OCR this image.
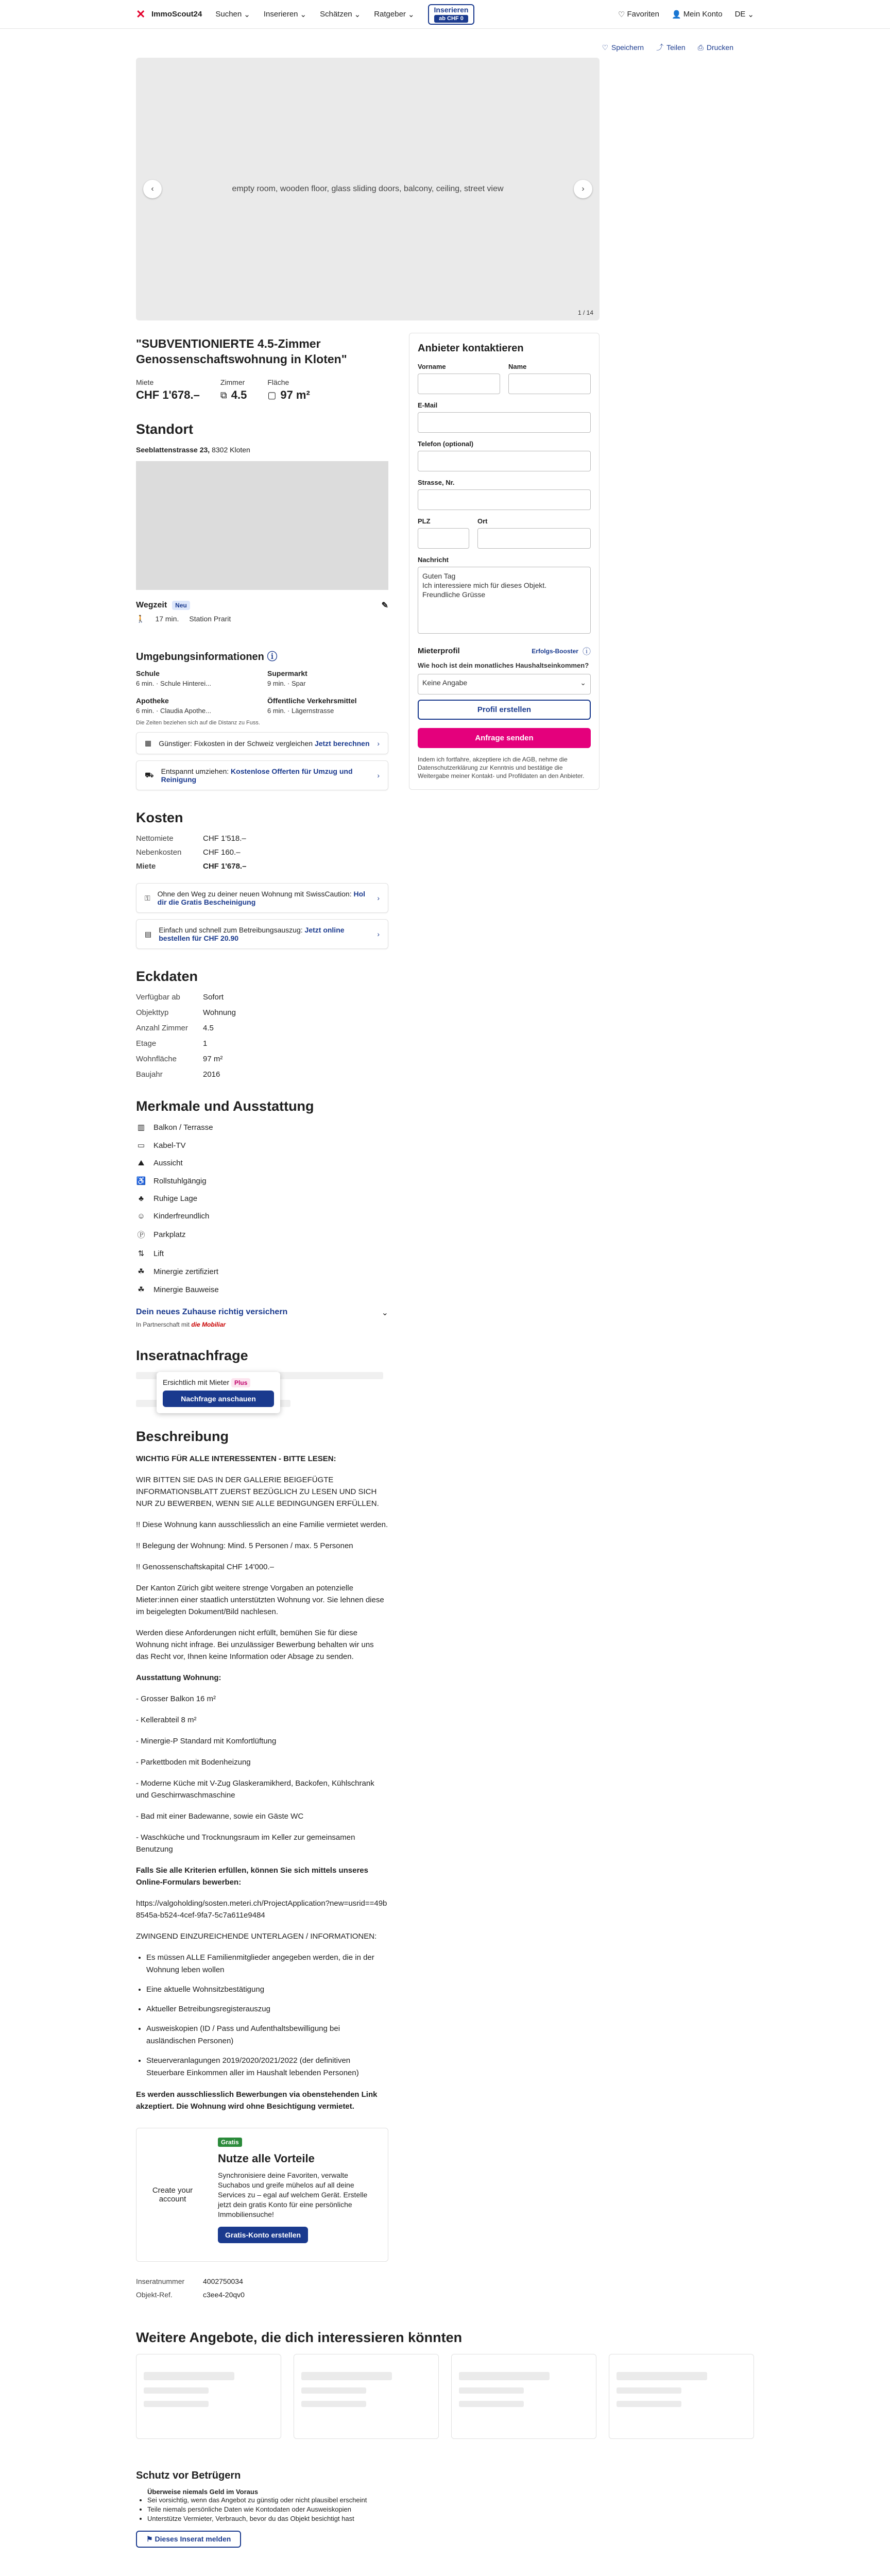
✕ ImmoScout24 Suchen ⌄ Inserieren ⌄ Schätzen ⌄ Ratgeber ⌄
Inserieren
ab CHF 0	♡ Favoriten 👤 Mein Konto DE ⌄
♡ Speichern ⤴ Teilen ⎙ Drucken
empty room, wooden floor, glass sliding doors, balcony, ceiling, street view
‹	›
1 / 14
"SUBVENTIONIERTE 4.5-Zimmer Genossenschaftswohnung in Kloten"
Miete
CHF 1'678.–
Zimmer
⧉ 4.5
Fläche
▢ 97 m²
Standort
Seeblattenstrasse 23, 8302 Kloten
Wegzeit	Neu	✎
🚶 17 min. Station Prarit
Umgebungsinformationen ⓘ
Schule
6 min. · Schule Hinterei...
Supermarkt
9 min. · Spar
Apotheke
6 min. · Claudia Apothe...
Öffentliche Verkehrsmittel
6 min. · Lägernstrasse
Die Zeiten beziehen sich auf die Distanz zu Fuss.
▦ Günstiger: Fixkosten in der Schweiz vergleichen Jetzt berechnen ›
⛟ Entspannt umziehen: Kostenlose Offerten für Umzug und Reinigung	›
Kosten
Nettomiete	CHF 1'518.–
Nebenkosten	CHF 160.–
Miete	CHF 1'678.–
⚿ Ohne den Weg zu deiner neuen Wohnung mit SwissCaution: Hol dir die Gratis Bescheinigung	›
▤ Einfach und schnell zum Betreibungsauszug: Jetzt online bestellen für CHF 20.90	›
Eckdaten
Verfügbar ab	Sofort
Objekttyp	Wohnung
Anzahl Zimmer	4.5
Etage	1
Wohnfläche	97 m²
Baujahr	2016
Merkmale und Ausstattung
▥ Balkon / Terrasse
▭ Kabel-TV
⛰ Aussicht
♿ Rollstuhlgängig
♣	Ruhige Lage
☺ Kinderfreundlich
Ⓟ Parkplatz
⇅ Lift
☘ Minergie zertifiziert
☘ Minergie Bauweise
Dein neues Zuhause richtig versichern	⌄
In Partnerschaft mit die Mobiliar
Inseratnachfrage
Ersichtlich mit Mieter Plus
Nachfrage anschauen
Beschreibung

WICHTIG FÜR ALLE INTERESSENTEN - BITTE LESEN:

WIR BITTEN SIE DAS IN DER GALLERIE BEIGEFÜGTE INFORMATIONSBLATT ZUERST BEZÜGLICH ZU LESEN UND SICH NUR ZU BEWERBEN, WENN SIE ALLE BEDINGUNGEN ERFÜLLEN.

!! Diese Wohnung kann ausschliesslich an eine Familie vermietet werden.

!! Belegung der Wohnung: Mind. 5 Personen / max. 5 Personen

!! Genossenschaftskapital CHF 14'000.–

Der Kanton Zürich gibt weitere strenge Vorgaben an potenzielle Mieter:innen einer staatlich unterstützten Wohnung vor. Sie lehnen diese im beigelegten Dokument/Bild nachlesen.

Werden diese Anforderungen nicht erfüllt, bemühen Sie für diese Wohnung nicht infrage. Bei unzulässiger Bewerbung behalten wir uns das Recht vor, Ihnen keine Information oder Absage zu senden.

Ausstattung Wohnung:

- Grosser Balkon 16 m²

- Kellerabteil 8 m²

- Minergie-P Standard mit Komfortlüftung

- Parkettboden mit Bodenheizung

- Moderne Küche mit V-Zug Glaskeramikherd, Backofen, Kühlschrank und Geschirrwaschmaschine

- Bad mit einer Badewanne, sowie ein Gäste WC

- Waschküche und Trocknungsraum im Keller zur gemeinsamen Benutzung

Falls Sie alle Kriterien erfüllen, können Sie sich mittels unseres Online-Formulars bewerben:

https://valgoholding/sosten.meteri.ch/ProjectApplication?new=usrid==49b8545a-b524-4cef-9fa7-5c7a611e9484

ZWINGEND EINZUREICHENDE UNTERLAGEN / INFORMATIONEN:

• Es müssen ALLE Familienmitglieder angegeben werden, die in der Wohnung leben wollen
• Eine aktuelle Wohnsitzbestätigung
• Aktueller Betreibungsregisterauszug
• Ausweiskopien (ID / Pass und Aufenthaltsbewilligung bei ausländischen Personen)
• Steuerveranlagungen 2019/2020/2021/2022 (der definitiven Steuerbare Einkommen aller im Haushalt lebenden Personen)

Es werden ausschliesslich Bewerbungen via obenstehenden Link akzeptiert. Die Wohnung wird ohne Besichtigung vermietet.

Create your account
Gratis
Nutze alle Vorteile
Synchronisiere deine Favoriten, verwalte Suchabos und greife mühelos auf all deine Services zu – egal auf welchem Gerät. Erstelle jetzt dein gratis Konto für eine persönliche Immobiliensuche!
Gratis-Konto erstellen
Inseratnummer	4002750034
Objekt-Ref.	c3ee4-20qv0
Anbieter kontaktieren
Vorname	Name
E-Mail
Telefon (optional)
Strasse, Nr.
PLZ	Ort
Nachricht
Guten Tag
Ich interessiere mich für dieses Objekt.
Freundliche Grüsse
Mieterprofil	Erfolgs-Booster ⓘ
Wie hoch ist dein monatliches Haushaltseinkommen?
Keine Angabe	⌄
Profil erstellen
Anfrage senden
Indem ich fortfahre, akzeptiere ich die AGB, nehme die Datenschutzerklärung zur Kenntnis und bestätige die Weitergabe meiner Kontakt- und Profildaten an den Anbieter.
Weitere Angebote, die dich interessieren könnten
Schutz vor Betrügern
Überweise niemals Geld im Voraus
• Sei vorsichtig, wenn das Angebot zu günstig oder nicht plausibel erscheint
• Teile niemals persönliche Daten wie Kontodaten oder Ausweiskopien
• Unterstütze Vermieter, Verbrauch, bevor du das Objekt besichtigt hast
⚑ Dieses Inserat melden
